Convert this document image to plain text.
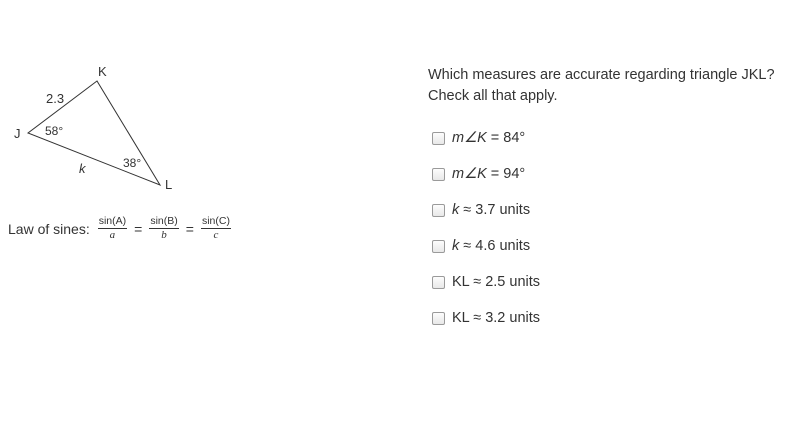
K
J
L
2.3
k
58°
38°
Law of sines: $\frac{\sin(A)}{a} = \frac{\sin(B)}{b} = \frac{\sin(C)}{c}$

Which measures are accurate regarding triangle JKL?

Check all that apply.

m∠K = 84°
m∠K = 94°
k ≈ 3.7 units
k ≈ 4.6 units
KL ≈ 2.5 units
KL ≈ 3.2 units
